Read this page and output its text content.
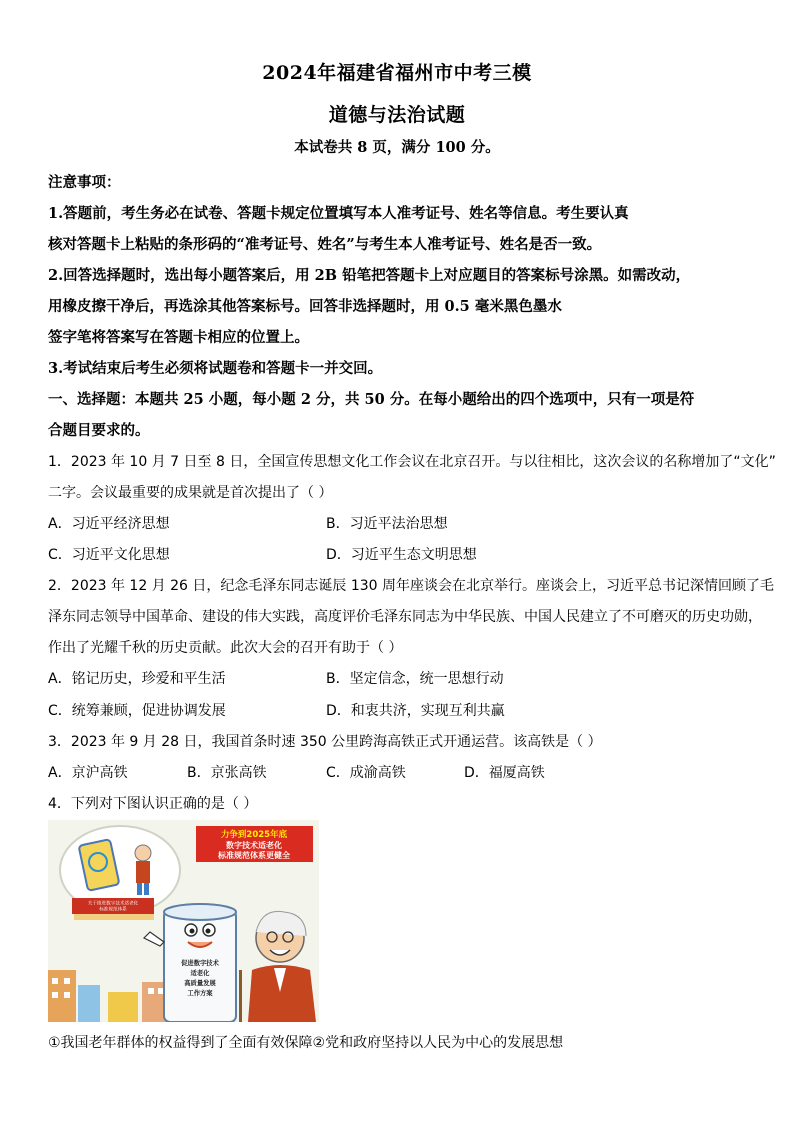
2024年福建省福州市中考三模
道德与法治试题
本试卷共 8 页，满分 100 分。
注意事项：
1.答题前，考生务必在试卷、答题卡规定位置填写本人准考证号、姓名等信息。考生要认真
核对答题卡上粘贴的条形码的“准考证号、姓名”与考生本人准考证号、姓名是否一致。
2.回答选择题时，选出每小题答案后，用 2B 铅笔把答题卡上对应题目的答案标号涂黑。如需改动，
用橡皮擦干净后，再选涂其他答案标号。回答非选择题时，用 0.5 毫米黑色墨水
签字笔将答案写在答题卡相应的位置上。
3.考试结束后考生必须将试题卷和答题卡一并交回。
一、选择题：本题共 25 小题，每小题 2 分，共 50 分。在每小题给出的四个选项中，只有一项是符
合题目要求的。
1．2023 年 10 月 7 日至 8 日，全国宣传思想文化工作会议在北京召开。与以往相比，这次会议的名称增加了“文化”
二字。会议最重要的成果就是首次提出了（ ）
A．习近平经济思想	B．习近平法治思想
C．习近平文化思想	D．习近平生态文明思想
2．2023 年 12 月 26 日，纪念毛泽东同志诞辰 130 周年座谈会在北京举行。座谈会上，习近平总书记深情回顾了毛
泽东同志领导中国革命、建设的伟大实践，高度评价毛泽东同志为中华民族、中国人民建立了不可磨灭的历史功勋，
作出了光耀千秋的历史贡献。此次大会的召开有助于（ ）
A．铭记历史，珍爱和平生活	B．坚定信念，统一思想行动
C．统筹兼顾，促进协调发展	D．和衷共济，实现互利共赢
3．2023 年 9 月 28 日，我国首条时速 350 公里跨海高铁正式开通运营。该高铁是（ ）
A．京沪高铁	B．京张高铁	C．成渝高铁	D．福厦高铁
4．下列对下图认识正确的是（ ）
关于推进数字技术适老化
标准规范体系
力争到2025年底
数字技术适老化
标准规范体系更健全
促进数字技术
适老化
高质量发展
工作方案
①我国老年群体的权益得到了全面有效保障②党和政府坚持以人民为中心的发展思想
